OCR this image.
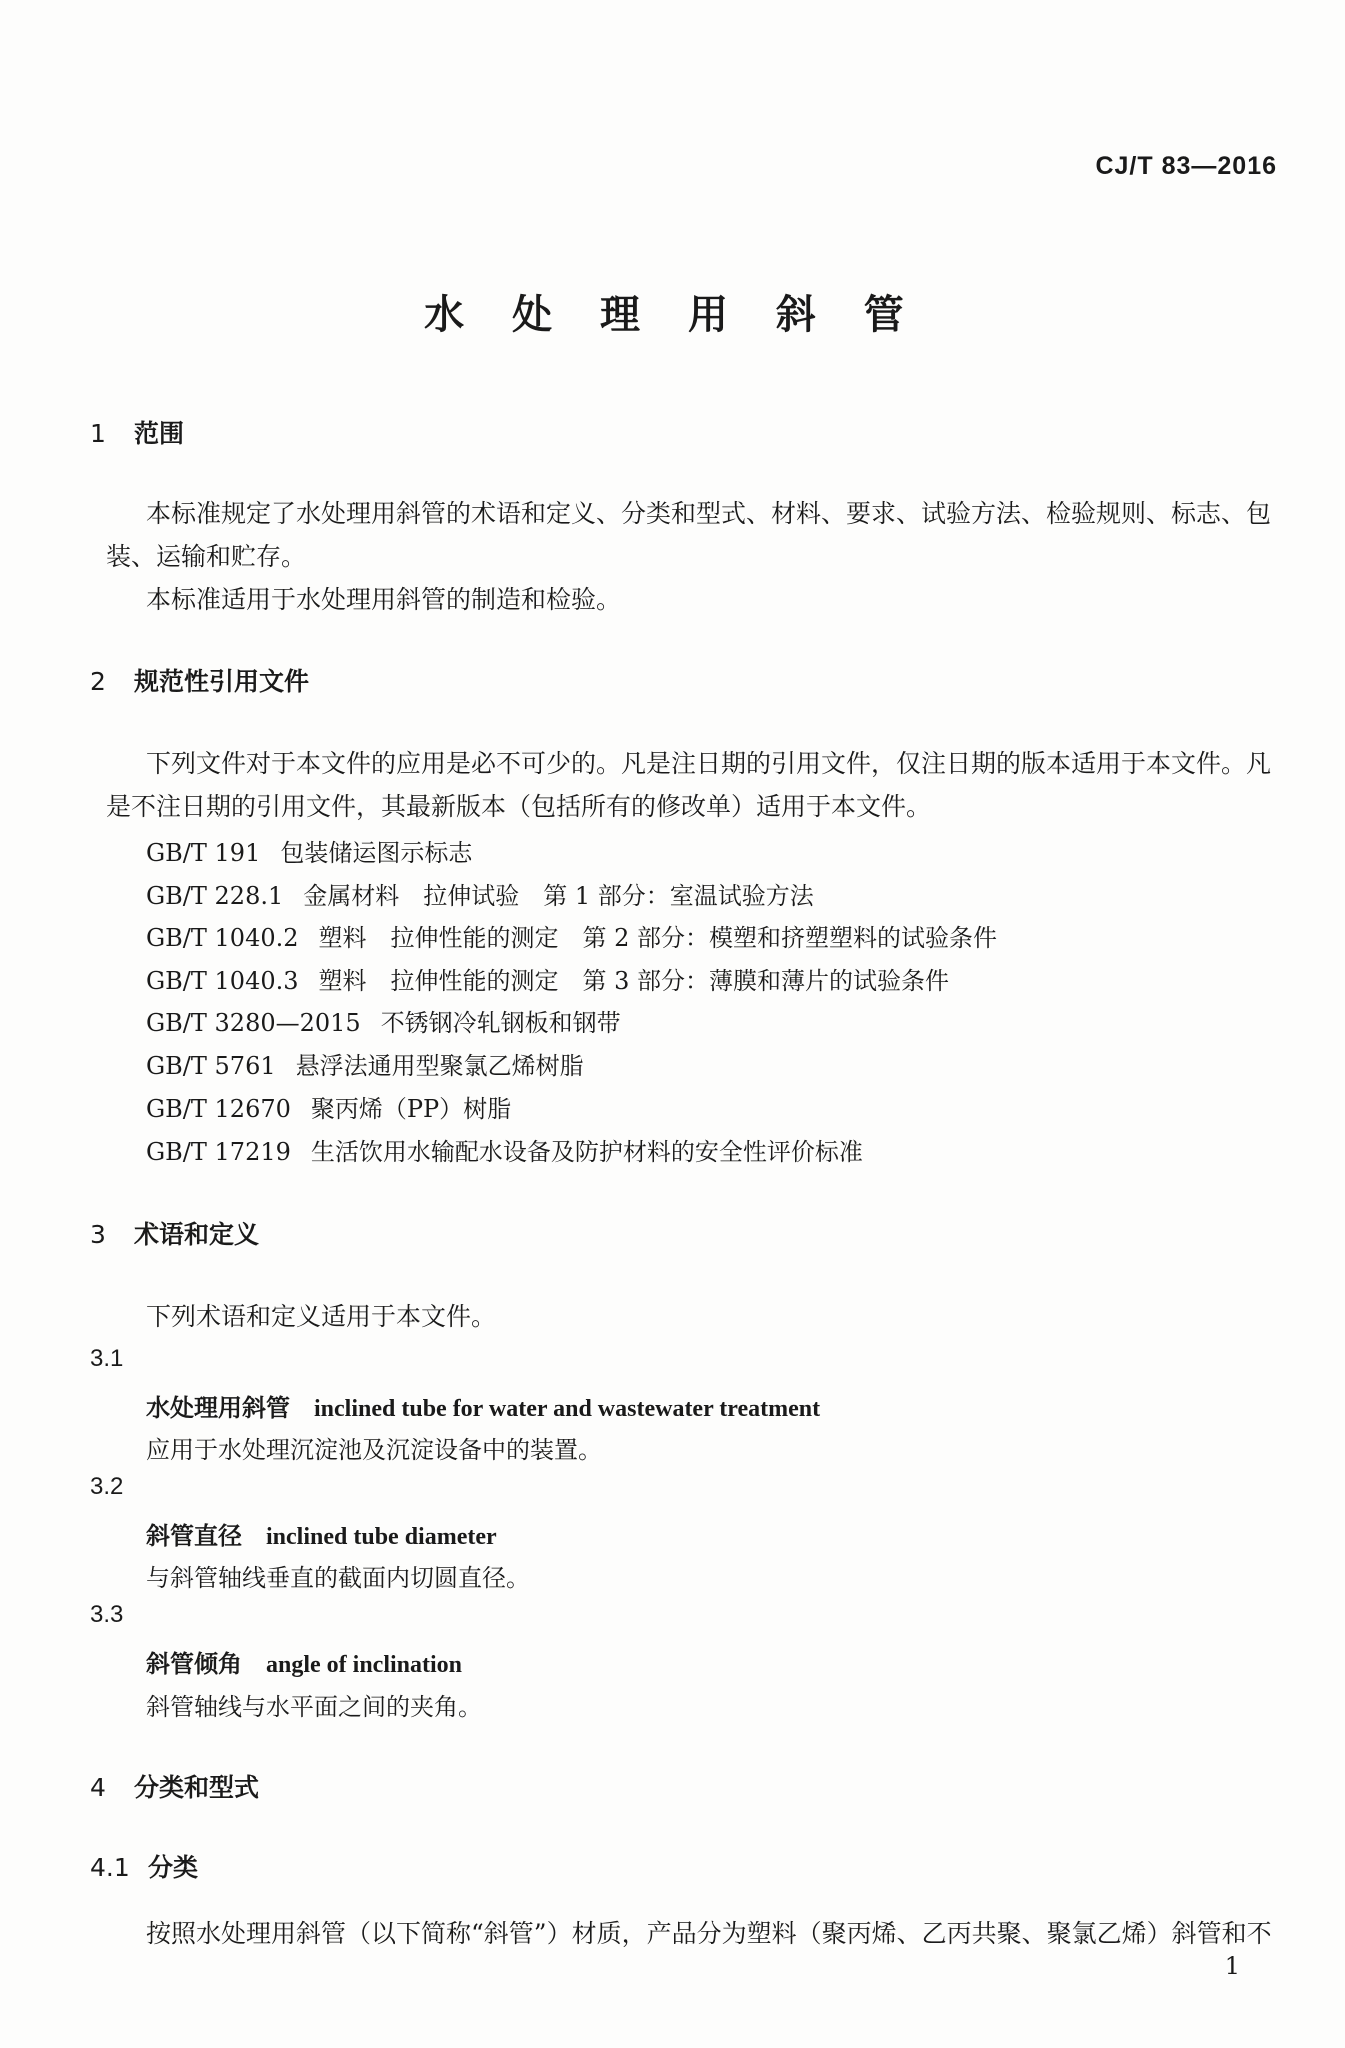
CJ/T 83—2016
水 处 理 用 斜 管
1 范围
本标准规定了水处理用斜管的术语和定义、分类和型式、材料、要求、试验方法、检验规则、标志、包装、运输和贮存。
本标准适用于水处理用斜管的制造和检验。
2 规范性引用文件
下列文件对于本文件的应用是必不可少的。凡是注日期的引用文件，仅注日期的版本适用于本文件。凡是不注日期的引用文件，其最新版本（包括所有的修改单）适用于本文件。
GB/T 191 包装储运图示标志
GB/T 228.1 金属材料　拉伸试验　第 1 部分：室温试验方法
GB/T 1040.2 塑料　拉伸性能的测定　第 2 部分：模塑和挤塑塑料的试验条件
GB/T 1040.3 塑料　拉伸性能的测定　第 3 部分：薄膜和薄片的试验条件
GB/T 3280—2015 不锈钢冷轧钢板和钢带
GB/T 5761 悬浮法通用型聚氯乙烯树脂
GB/T 12670 聚丙烯（PP）树脂
GB/T 17219 生活饮用水输配水设备及防护材料的安全性评价标准
3 术语和定义
下列术语和定义适用于本文件。
3.1
水处理用斜管 inclined tube for water and wastewater treatment
应用于水处理沉淀池及沉淀设备中的装置。
3.2
斜管直径 inclined tube diameter
与斜管轴线垂直的截面内切圆直径。
3.3
斜管倾角 angle of inclination
斜管轴线与水平面之间的夹角。
4 分类和型式
4.1 分类
按照水处理用斜管（以下简称“斜管”）材质，产品分为塑料（聚丙烯、乙丙共聚、聚氯乙烯）斜管和不
1
